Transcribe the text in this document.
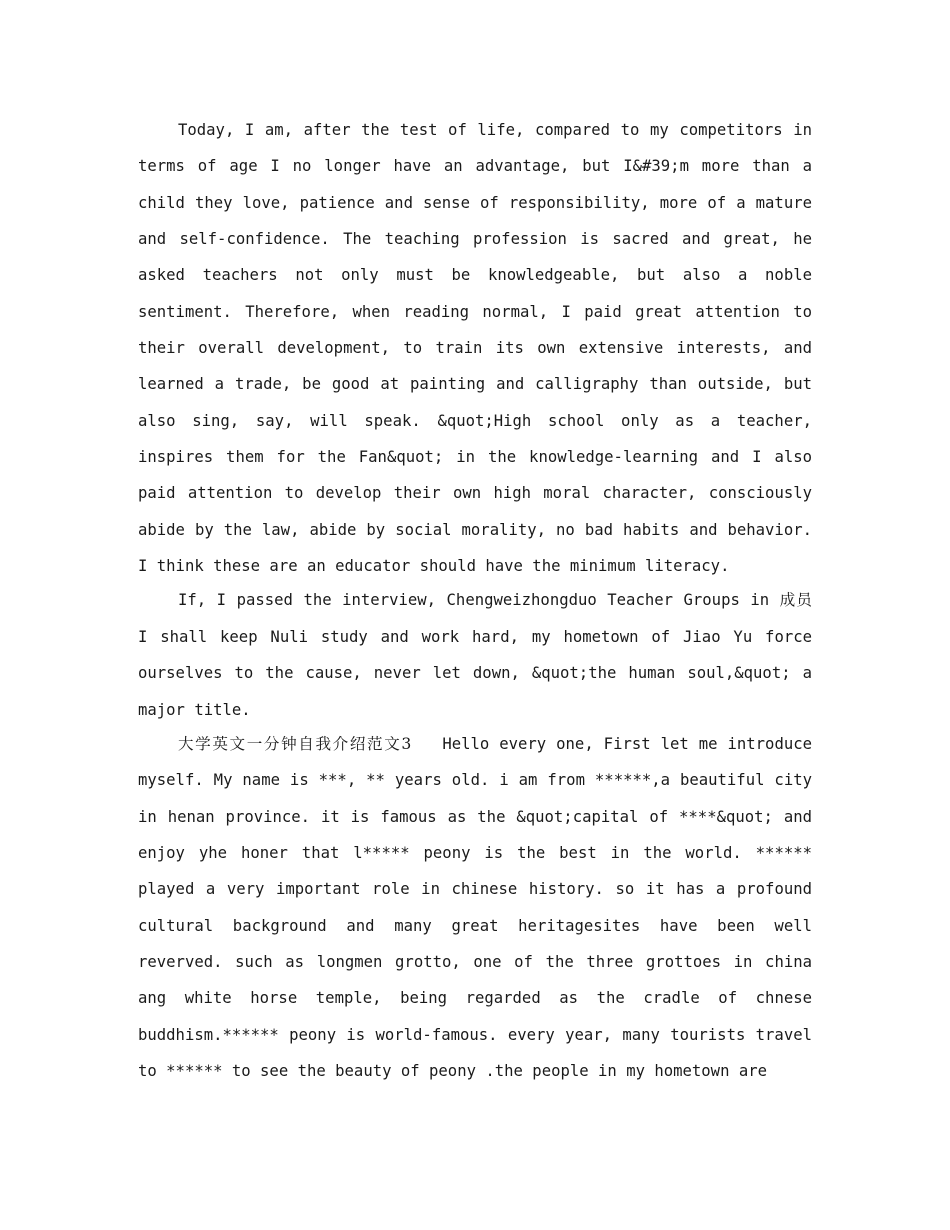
Today, I am, after the test of life, compared to my competitors in terms of age I no longer have an advantage, but I&#39;m more than a child they love, patience and sense of responsibility, more of a mature and self-confidence. The teaching profession is sacred and great, he asked teachers not only must be knowledgeable, but also a noble sentiment. Therefore, when reading normal, I paid great attention to their overall development, to train its own extensive interests, and learned a trade, be good at painting and calligraphy than outside, but also sing, say, will speak. &quot;High school only as a teacher, inspires them for the Fan&quot; in the knowledge-learning and I also paid attention to develop their own high moral character, consciously abide by the law, abide by social morality, no bad habits and behavior. I think these are an educator should have the minimum literacy.

If, I passed the interview, Chengweizhongduo Teacher Groups in 成员 I shall keep Nuli study and work hard, my hometown of Jiao Yu force ourselves to the cause, never let down, &quot;the human soul,&quot; a major title.

大学英文一分钟自我介绍范文3 Hello every one, First let me introduce myself. My name is ***, ** years old. i am from ******,a beautiful city in henan province. it is famous as the &quot;capital of ****&quot; and enjoy yhe honer that l***** peony is the best in the world. ****** played a very important role in chinese history. so it has a profound cultural background and many great heritagesites have been well reverved. such as longmen grotto, one of the three grottoes in china ang white horse temple, being regarded as the cradle of chnese buddhism.****** peony is world-famous. every year, many tourists travel to ****** to see the beauty of peony .the people in my hometown are
